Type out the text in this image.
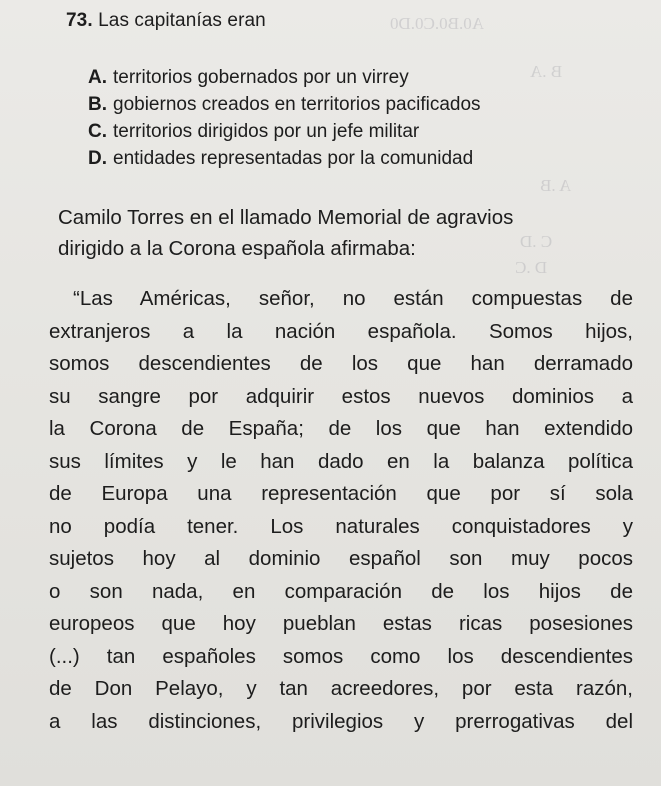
A0.B0.C0.D0
B .A
A .B
C .D
D .C
73. Las capitanías eran
A. territorios gobernados por un virrey
B. gobiernos creados en territorios pacificados
C. territorios dirigidos por un jefe militar
D. entidades representadas por la comunidad
Camilo Torres en el llamado Memorial de agravios
dirigido a la Corona española afirmaba:
“Las Américas, señor, no están compuestas de
extranjeros a la nación española. Somos hijos,
somos descendientes de los que han derramado
su sangre por adquirir estos nuevos dominios a
la Corona de España; de los que han extendido
sus límites y le han dado en la balanza política
de Europa una representación que por sí sola
no podía tener. Los naturales conquistadores y
sujetos hoy al dominio español son muy pocos
o son nada, en comparación de los hijos de
europeos que hoy pueblan estas ricas posesiones
(...) tan españoles somos como los descendientes
de Don Pelayo, y tan acreedores, por esta razón,
a las distinciones, privilegios y prerrogativas del
